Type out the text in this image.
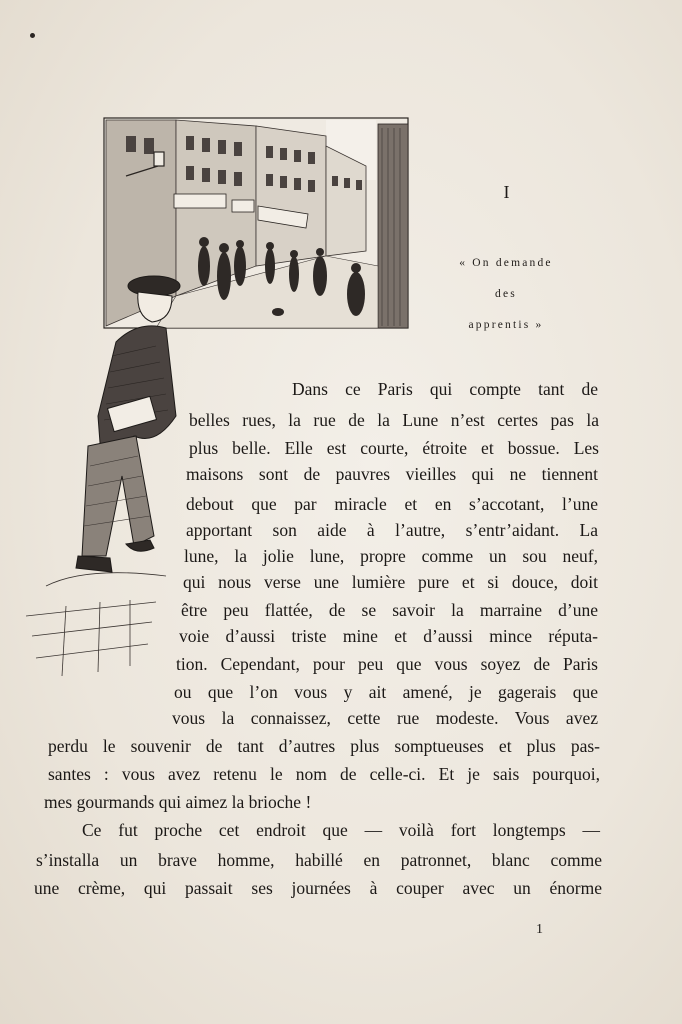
I
« On demande
des
apprentis »
Dans ce Paris qui compte tant de
belles rues, la rue de la Lune n’est certes pas la
plus belle. Elle est courte, étroite et bossue. Les
maisons sont de pauvres vieilles qui ne tiennent
debout que par miracle et en s’accotant, l’une
apportant son aide à l’autre, s’entr’aidant. La
lune, la jolie lune, propre comme un sou neuf,
qui nous verse une lumière pure et si douce, doit
être peu flattée, de se savoir la marraine d’une
voie d’aussi triste mine et d’aussi mince réputa-
tion. Cependant, pour peu que vous soyez de Paris
ou que l’on vous y ait amené, je gagerais que
vous la connaissez, cette rue modeste. Vous avez
perdu le souvenir de tant d’autres plus somptueuses et plus pas-
santes : vous avez retenu le nom de celle-ci. Et je sais pourquoi,
mes gourmands qui aimez la brioche !
Ce fut proche cet endroit que — voilà fort longtemps —
s’installa un brave homme, habillé en patronnet, blanc comme
une crème, qui passait ses journées à couper avec un énorme
1
